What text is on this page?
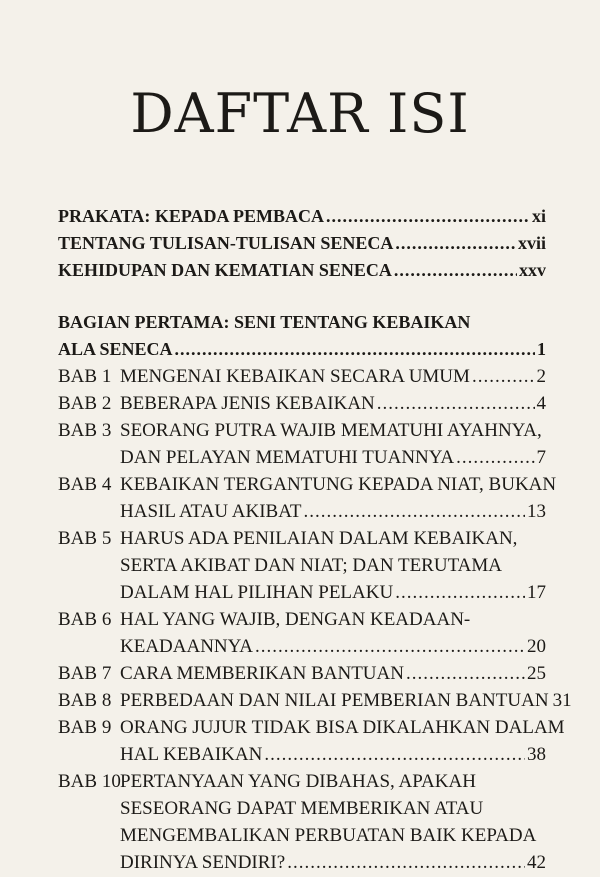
DAFTAR ISI
PRAKATA: KEPADA PEMBACA .....	xi
TENTANG TULISAN-TULISAN SENECA .....	xvii
KEHIDUPAN DAN KEMATIAN SENECA .....	xxv
BAGIAN PERTAMA: SENI TENTANG KEBAIKAN
ALA SENECA .....	1
BAB 1 MENGENAI KEBAIKAN SECARA UMUM .....	2
BAB 2 BEBERAPA JENIS KEBAIKAN .....	4
BAB 3 SEORANG PUTRA WAJIB MEMATUHI AYAHNYA,
DAN PELAYAN MEMATUHI TUANNYA .....	7
BAB 4 KEBAIKAN TERGANTUNG KEPADA NIAT, BUKAN
HASIL ATAU AKIBAT .....	13
BAB 5 HARUS ADA PENILAIAN DALAM KEBAIKAN,
SERTA AKIBAT DAN NIAT; DAN TERUTAMA
DALAM HAL PILIHAN PELAKU .....	17
BAB 6 HAL YANG WAJIB, DENGAN KEADAAN-
KEADAANNYA .....	20
BAB 7 CARA MEMBERIKAN BANTUAN .....	25
BAB 8 PERBEDAAN DAN NILAI PEMBERIAN BANTUAN 31
BAB 9 ORANG JUJUR TIDAK BISA DIKALAHKAN DALAM
HAL KEBAIKAN .....	38
BAB 10 PERTANYAAN YANG DIBAHAS, APAKAH
SESEORANG DAPAT MEMBERIKAN ATAU
MENGEMBALIKAN PERBUATAN BAIK KEPADA
DIRINYA SENDIRI? .....	42
